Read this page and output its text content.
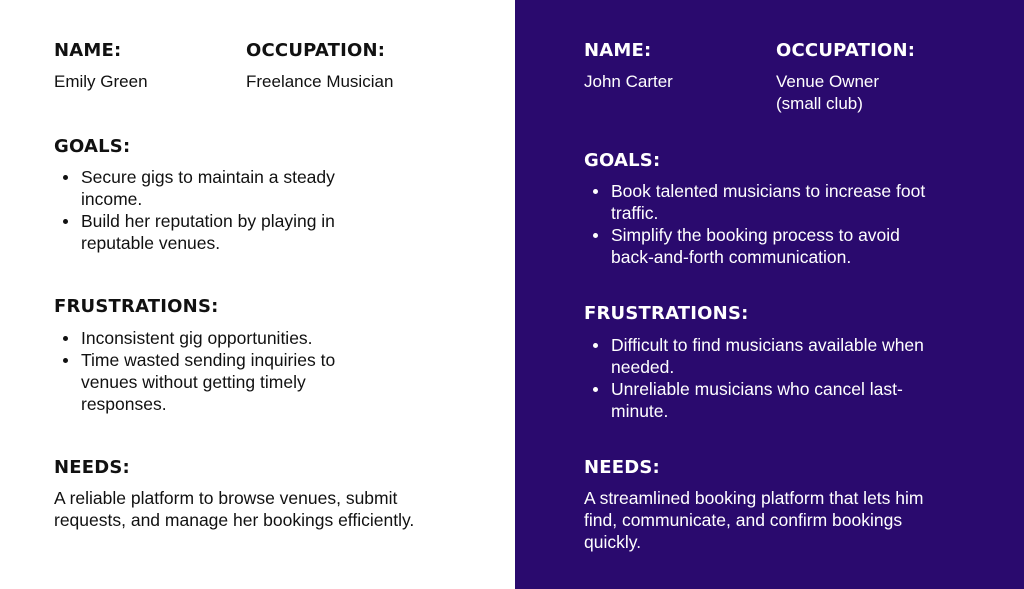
NAME:

Emily Green

OCCUPATION:

Freelance Musician

GOALS:
Secure gigs to maintain a steady income.
Build her reputation by playing in reputable venues.
FRUSTRATIONS:
Inconsistent gig opportunities.
Time wasted sending inquiries to venues without getting timely responses.
NEEDS:

A reliable platform to browse venues, submit requests, and manage her bookings efficiently.

NAME:

John Carter

OCCUPATION:

Venue Owner (small club)

GOALS:
Book talented musicians to increase foot traffic.
Simplify the booking process to avoid back-and-forth communication.
FRUSTRATIONS:
Difficult to find musicians available when needed.
Unreliable musicians who cancel last-minute.
NEEDS:

A streamlined booking platform that lets him find, communicate, and confirm bookings quickly.
